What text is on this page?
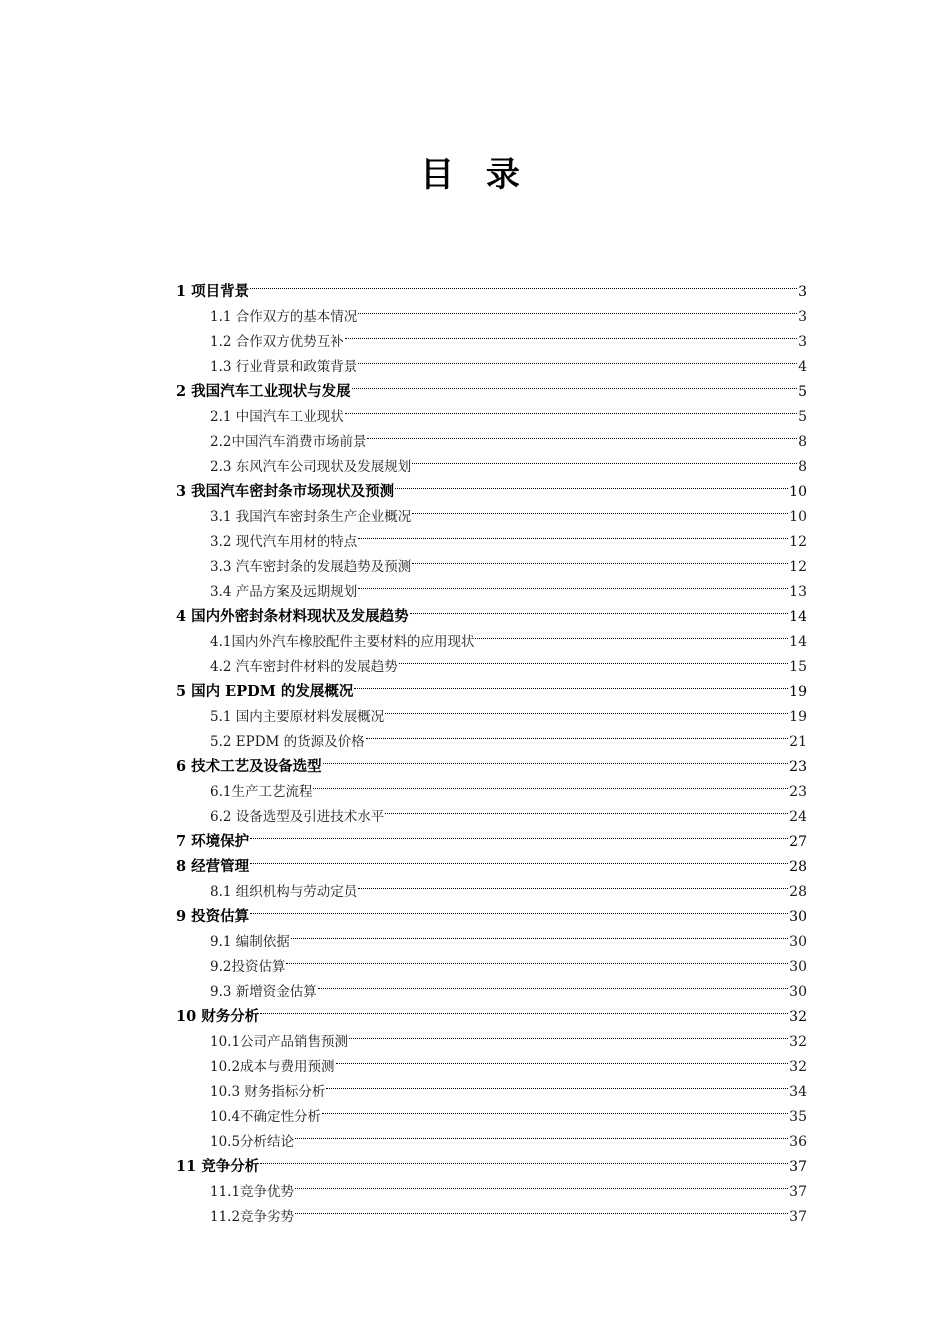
目 录
1 项目背景	3
1.1 合作双方的基本情况	3
1.2 合作双方优势互补	3
1.3 行业背景和政策背景	4
2 我国汽车工业现状与发展	5
2.1 中国汽车工业现状	5
2.2中国汽车消费市场前景	8
2.3 东风汽车公司现状及发展规划	8
3 我国汽车密封条市场现状及预测	10
3.1 我国汽车密封条生产企业概况	10
3.2 现代汽车用材的特点	12
3.3 汽车密封条的发展趋势及预测	12
3.4 产品方案及远期规划	13
4 国内外密封条材料现状及发展趋势	14
4.1国内外汽车橡胶配件主要材料的应用现状	14
4.2 汽车密封件材料的发展趋势	15
5 国内 EPDM 的发展概况	19
5.1 国内主要原材料发展概况	19
5.2 EPDM 的货源及价格	21
6 技术工艺及设备选型	23
6.1生产工艺流程	23
6.2 设备选型及引进技术水平	24
7 环境保护	27
8 经营管理	28
8.1 组织机构与劳动定员	28
9 投资估算	30
9.1 编制依据	30
9.2投资估算	30
9.3 新增资金估算	30
10 财务分析	32
10.1公司产品销售预测	32
10.2成本与费用预测	32
10.3 财务指标分析	34
10.4不确定性分析	35
10.5分析结论	36
11 竞争分析	37
11.1竞争优势	37
11.2竞争劣势	37
